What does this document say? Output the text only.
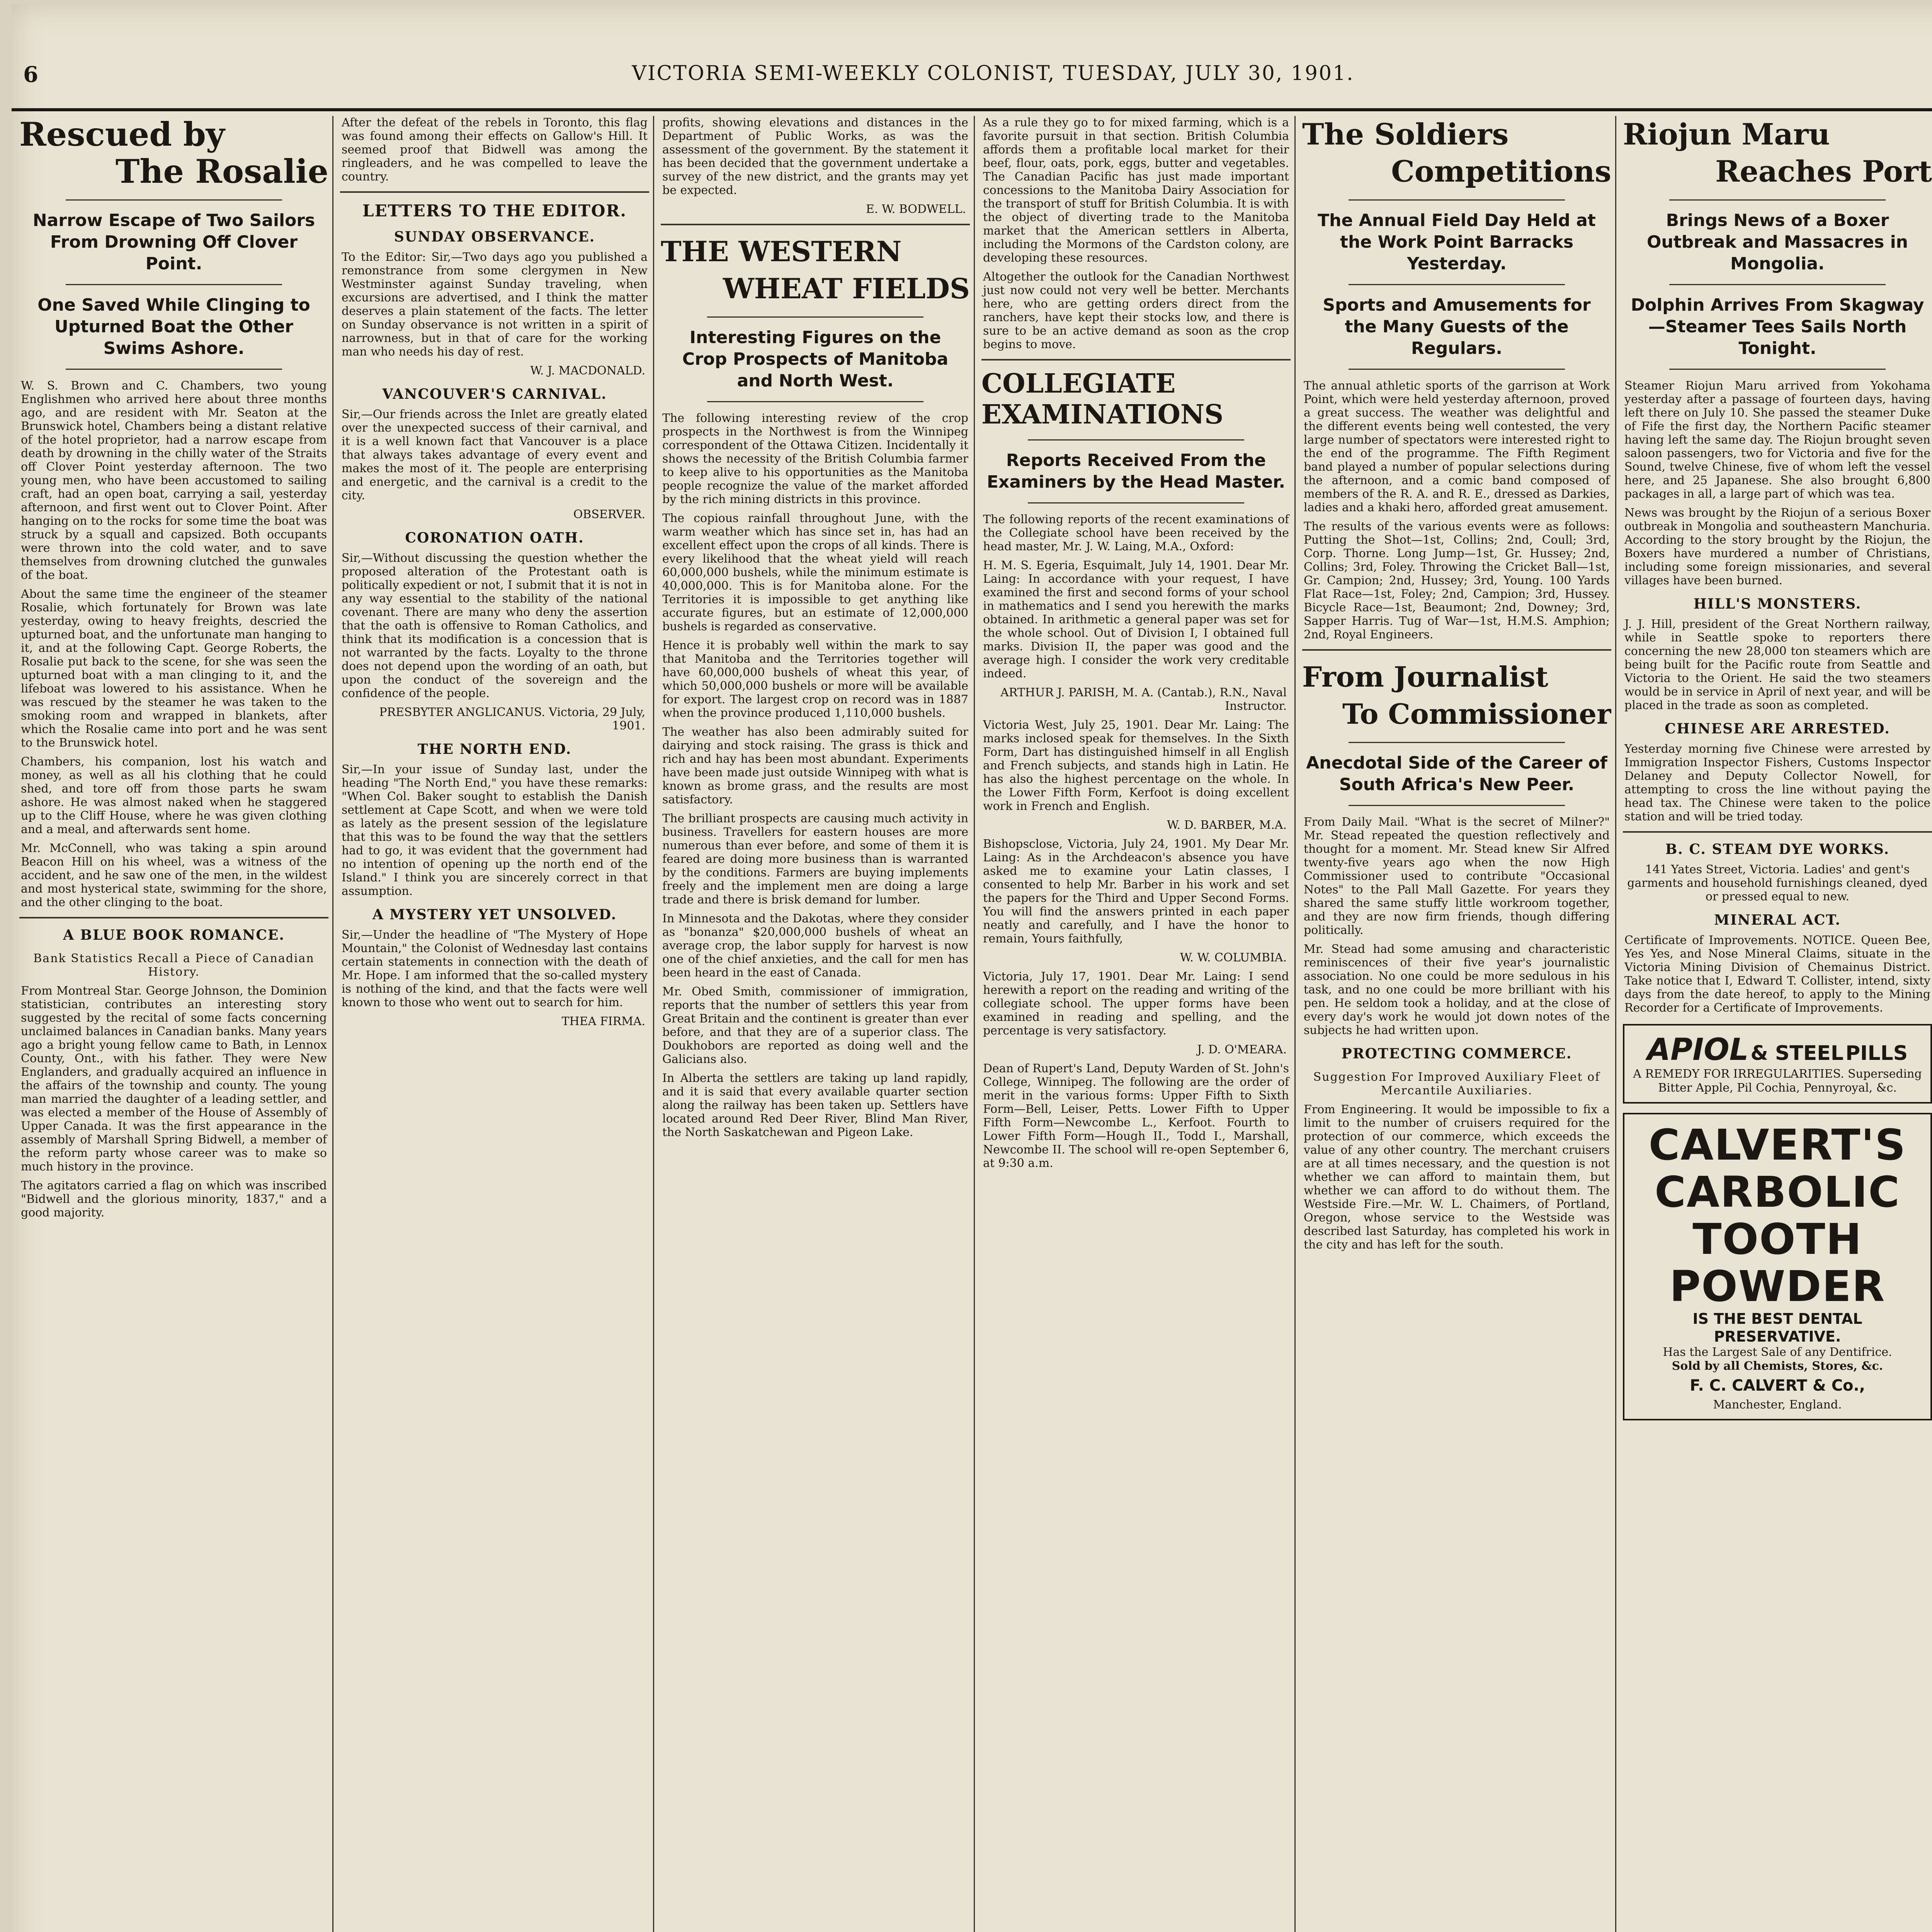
6	VICTORIA SEMI-WEEKLY COLONIST, TUESDAY, JULY 30, 1901.
Rescued by
The Rosalie
Narrow Escape of Two Sailors From Drowning Off Clover Point.
One Saved While Clinging to Upturned Boat the Other Swims Ashore.

W. S. Brown and C. Chambers, two young Englishmen who arrived here about three months ago, and are resident with Mr. Seaton at the Brunswick hotel, Chambers being a distant relative of the hotel proprietor, had a narrow escape from death by drowning in the chilly water of the Straits off Clover Point yesterday afternoon. The two young men, who have been accustomed to sailing craft, had an open boat, carrying a sail, yesterday afternoon, and first went out to Clover Point. After hanging on to the rocks for some time the boat was struck by a squall and capsized. Both occupants were thrown into the cold water, and to save themselves from drowning clutched the gunwales of the boat.

About the same time the engineer of the steamer Rosalie, which fortunately for Brown was late yesterday, owing to heavy freights, descried the upturned boat, and the unfortunate man hanging to it, and at the following Capt. George Roberts, the Rosalie put back to the scene, for she was seen the upturned boat with a man clinging to it, and the lifeboat was lowered to his assistance. When he was rescued by the steamer he was taken to the smoking room and wrapped in blankets, after which the Rosalie came into port and he was sent to the Brunswick hotel.

Chambers, his companion, lost his watch and money, as well as all his clothing that he could shed, and tore off from those parts he swam ashore. He was almost naked when he staggered up to the Cliff House, where he was given clothing and a meal, and afterwards sent home.

Mr. McConnell, who was taking a spin around Beacon Hill on his wheel, was a witness of the accident, and he saw one of the men, in the wildest and most hysterical state, swimming for the shore, and the other clinging to the boat.

A BLUE BOOK ROMANCE.
Bank Statistics Recall a Piece of Canadian History.

From Montreal Star. George Johnson, the Dominion statistician, contributes an interesting story suggested by the recital of some facts concerning unclaimed balances in Canadian banks. Many years ago a bright young fellow came to Bath, in Lennox County, Ont., with his father. They were New Englanders, and gradually acquired an influence in the affairs of the township and county. The young man married the daughter of a leading settler, and was elected a member of the House of Assembly of Upper Canada. It was the first appearance in the assembly of Marshall Spring Bidwell, a member of the reform party whose career was to make so much history in the province.

The agitators carried a flag on which was inscribed "Bidwell and the glorious minority, 1837," and a good majority.

After the defeat of the rebels in Toronto, this flag was found among their effects on Gallow's Hill. It seemed proof that Bidwell was among the ringleaders, and he was compelled to leave the country.

LETTERS TO THE EDITOR.
SUNDAY OBSERVANCE.

To the Editor: Sir,—Two days ago you published a remonstrance from some clergymen in New Westminster against Sunday traveling, when excursions are advertised, and I think the matter deserves a plain statement of the facts. The letter on Sunday observance is not written in a spirit of narrowness, but in that of care for the working man who needs his day of rest.

W. J. MACDONALD.
VANCOUVER'S CARNIVAL.

Sir,—Our friends across the Inlet are greatly elated over the unexpected success of their carnival, and it is a well known fact that Vancouver is a place that always takes advantage of every event and makes the most of it. The people are enterprising and energetic, and the carnival is a credit to the city.

OBSERVER.
CORONATION OATH.

Sir,—Without discussing the question whether the proposed alteration of the Protestant oath is politically expedient or not, I submit that it is not in any way essential to the stability of the national covenant. There are many who deny the assertion that the oath is offensive to Roman Catholics, and think that its modification is a concession that is not warranted by the facts. Loyalty to the throne does not depend upon the wording of an oath, but upon the conduct of the sovereign and the confidence of the people.

PRESBYTER ANGLICANUS. Victoria, 29 July, 1901.
THE NORTH END.

Sir,—In your issue of Sunday last, under the heading "The North End," you have these remarks: "When Col. Baker sought to establish the Danish settlement at Cape Scott, and when we were told as lately as the present session of the legislature that this was to be found the way that the settlers had to go, it was evident that the government had no intention of opening up the north end of the Island." I think you are sincerely correct in that assumption.

A MYSTERY YET UNSOLVED.

Sir,—Under the headline of "The Mystery of Hope Mountain," the Colonist of Wednesday last contains certain statements in connection with the death of Mr. Hope. I am informed that the so-called mystery is nothing of the kind, and that the facts were well known to those who went out to search for him.

THEA FIRMA.

profits, showing elevations and distances in the Department of Public Works, as was the assessment of the government. By the statement it has been decided that the government undertake a survey of the new district, and the grants may yet be expected.

E. W. BODWELL.
THE WESTERN
WHEAT FIELDS
Interesting Figures on the Crop Prospects of Manitoba and North West.

The following interesting review of the crop prospects in the Northwest is from the Winnipeg correspondent of the Ottawa Citizen. Incidentally it shows the necessity of the British Columbia farmer to keep alive to his opportunities as the Manitoba people recognize the value of the market afforded by the rich mining districts in this province.

The copious rainfall throughout June, with the warm weather which has since set in, has had an excellent effect upon the crops of all kinds. There is every likelihood that the wheat yield will reach 60,000,000 bushels, while the minimum estimate is 40,000,000. This is for Manitoba alone. For the Territories it is impossible to get anything like accurate figures, but an estimate of 12,000,000 bushels is regarded as conservative.

Hence it is probably well within the mark to say that Manitoba and the Territories together will have 60,000,000 bushels of wheat this year, of which 50,000,000 bushels or more will be available for export. The largest crop on record was in 1887 when the province produced 1,110,000 bushels.

The weather has also been admirably suited for dairying and stock raising. The grass is thick and rich and hay has been most abundant. Experiments have been made just outside Winnipeg with what is known as brome grass, and the results are most satisfactory.

The brilliant prospects are causing much activity in business. Travellers for eastern houses are more numerous than ever before, and some of them it is feared are doing more business than is warranted by the conditions. Farmers are buying implements freely and the implement men are doing a large trade and there is brisk demand for lumber.

In Minnesota and the Dakotas, where they consider as "bonanza" $20,000,000 bushels of wheat an average crop, the labor supply for harvest is now one of the chief anxieties, and the call for men has been heard in the east of Canada.

Mr. Obed Smith, commissioner of immigration, reports that the number of settlers this year from Great Britain and the continent is greater than ever before, and that they are of a superior class. The Doukhobors are reported as doing well and the Galicians also.

In Alberta the settlers are taking up land rapidly, and it is said that every available quarter section along the railway has been taken up. Settlers have located around Red Deer River, Blind Man River, the North Saskatchewan and Pigeon Lake.

As a rule they go to for mixed farming, which is a favorite pursuit in that section. British Columbia affords them a profitable local market for their beef, flour, oats, pork, eggs, butter and vegetables. The Canadian Pacific has just made important concessions to the Manitoba Dairy Association for the transport of stuff for British Columbia. It is with the object of diverting trade to the Manitoba market that the American settlers in Alberta, including the Mormons of the Cardston colony, are developing these resources.

Altogether the outlook for the Canadian Northwest just now could not very well be better. Merchants here, who are getting orders direct from the ranchers, have kept their stocks low, and there is sure to be an active demand as soon as the crop begins to move.

COLLEGIATE EXAMINATIONS
Reports Received From the Examiners by the Head Master.

The following reports of the recent examinations of the Collegiate school have been received by the head master, Mr. J. W. Laing, M.A., Oxford:

H. M. S. Egeria, Esquimalt, July 14, 1901. Dear Mr. Laing: In accordance with your request, I have examined the first and second forms of your school in mathematics and I send you herewith the marks obtained. In arithmetic a general paper was set for the whole school. Out of Division I, I obtained full marks. Division II, the paper was good and the average high. I consider the work very creditable indeed.

ARTHUR J. PARISH, M. A. (Cantab.), R.N., Naval Instructor.

Victoria West, July 25, 1901. Dear Mr. Laing: The marks inclosed speak for themselves. In the Sixth Form, Dart has distinguished himself in all English and French subjects, and stands high in Latin. He has also the highest percentage on the whole. In the Lower Fifth Form, Kerfoot is doing excellent work in French and English.

W. D. BARBER, M.A.

Bishopsclose, Victoria, July 24, 1901. My Dear Mr. Laing: As in the Archdeacon's absence you have asked me to examine your Latin classes, I consented to help Mr. Barber in his work and set the papers for the Third and Upper Second Forms. You will find the answers printed in each paper neatly and carefully, and I have the honor to remain, Yours faithfully,

W. W. COLUMBIA.

Victoria, July 17, 1901. Dear Mr. Laing: I send herewith a report on the reading and writing of the collegiate school. The upper forms have been examined in reading and spelling, and the percentage is very satisfactory.

J. D. O'MEARA.

Dean of Rupert's Land, Deputy Warden of St. John's College, Winnipeg. The following are the order of merit in the various forms: Upper Fifth to Sixth Form—Bell, Leiser, Petts. Lower Fifth to Upper Fifth Form—Newcombe L., Kerfoot. Fourth to Lower Fifth Form—Hough II., Todd I., Marshall, Newcombe II. The school will re-open September 6, at 9:30 a.m.

The Soldiers
Competitions
The Annual Field Day Held at the Work Point Barracks Yesterday.
Sports and Amusements for the Many Guests of the Regulars.

The annual athletic sports of the garrison at Work Point, which were held yesterday afternoon, proved a great success. The weather was delightful and the different events being well contested, the very large number of spectators were interested right to the end of the programme. The Fifth Regiment band played a number of popular selections during the afternoon, and a comic band composed of members of the R. A. and R. E., dressed as Darkies, ladies and a khaki hero, afforded great amusement.

The results of the various events were as follows: Putting the Shot—1st, Collins; 2nd, Coull; 3rd, Corp. Thorne. Long Jump—1st, Gr. Hussey; 2nd, Collins; 3rd, Foley. Throwing the Cricket Ball—1st, Gr. Campion; 2nd, Hussey; 3rd, Young. 100 Yards Flat Race—1st, Foley; 2nd, Campion; 3rd, Hussey. Bicycle Race—1st, Beaumont; 2nd, Downey; 3rd, Sapper Harris. Tug of War—1st, H.M.S. Amphion; 2nd, Royal Engineers.

From Journalist
To Commissioner
Anecdotal Side of the Career of South Africa's New Peer.

From Daily Mail. "What is the secret of Milner?" Mr. Stead repeated the question reflectively and thought for a moment. Mr. Stead knew Sir Alfred twenty-five years ago when the now High Commissioner used to contribute "Occasional Notes" to the Pall Mall Gazette. For years they shared the same stuffy little workroom together, and they are now firm friends, though differing politically.

Mr. Stead had some amusing and characteristic reminiscences of their five year's journalistic association. No one could be more sedulous in his task, and no one could be more brilliant with his pen. He seldom took a holiday, and at the close of every day's work he would jot down notes of the subjects he had written upon.

PROTECTING COMMERCE.
Suggestion For Improved Auxiliary Fleet of Mercantile Auxiliaries.

From Engineering. It would be impossible to fix a limit to the number of cruisers required for the protection of our commerce, which exceeds the value of any other country. The merchant cruisers are at all times necessary, and the question is not whether we can afford to maintain them, but whether we can afford to do without them. The Westside Fire.—Mr. W. L. Chaimers, of Portland, Oregon, whose service to the Westside was described last Saturday, has completed his work in the city and has left for the south.

Riojun Maru
Reaches Port
Brings News of a Boxer Outbreak and Massacres in Mongolia.
Dolphin Arrives From Skagway —Steamer Tees Sails North Tonight.

Steamer Riojun Maru arrived from Yokohama yesterday after a passage of fourteen days, having left there on July 10. She passed the steamer Duke of Fife the first day, the Northern Pacific steamer having left the same day. The Riojun brought seven saloon passengers, two for Victoria and five for the Sound, twelve Chinese, five of whom left the vessel here, and 25 Japanese. She also brought 6,800 packages in all, a large part of which was tea.

News was brought by the Riojun of a serious Boxer outbreak in Mongolia and southeastern Manchuria. According to the story brought by the Riojun, the Boxers have murdered a number of Christians, including some foreign missionaries, and several villages have been burned.

HILL'S MONSTERS.

J. J. Hill, president of the Great Northern railway, while in Seattle spoke to reporters there concerning the new 28,000 ton steamers which are being built for the Pacific route from Seattle and Victoria to the Orient. He said the two steamers would be in service in April of next year, and will be placed in the trade as soon as completed.

CHINESE ARE ARRESTED.

Yesterday morning five Chinese were arrested by Immigration Inspector Fishers, Customs Inspector Delaney and Deputy Collector Nowell, for attempting to cross the line without paying the head tax. The Chinese were taken to the police station and will be tried today.

B. C. STEAM DYE WORKS.

141 Yates Street, Victoria. Ladies' and gent's garments and household furnishings cleaned, dyed or pressed equal to new.

MINERAL ACT.

Certificate of Improvements. NOTICE. Queen Bee, Yes Yes, and Nose Mineral Claims, situate in the Victoria Mining Division of Chemainus District. Take notice that I, Edward T. Collister, intend, sixty days from the date hereof, to apply to the Mining Recorder for a Certificate of Improvements.

APIOL & STEEL PILLS
A REMEDY FOR IRREGULARITIES. Superseding Bitter Apple, Pil Cochia, Pennyroyal, &c.
CALVERT'S
CARBOLIC
TOOTH
POWDER
IS THE BEST DENTAL PRESERVATIVE.
Has the Largest Sale of any Dentifrice.
Sold by all Chemists, Stores, &c.
F. C. CALVERT & Co.,
Manchester, England.
